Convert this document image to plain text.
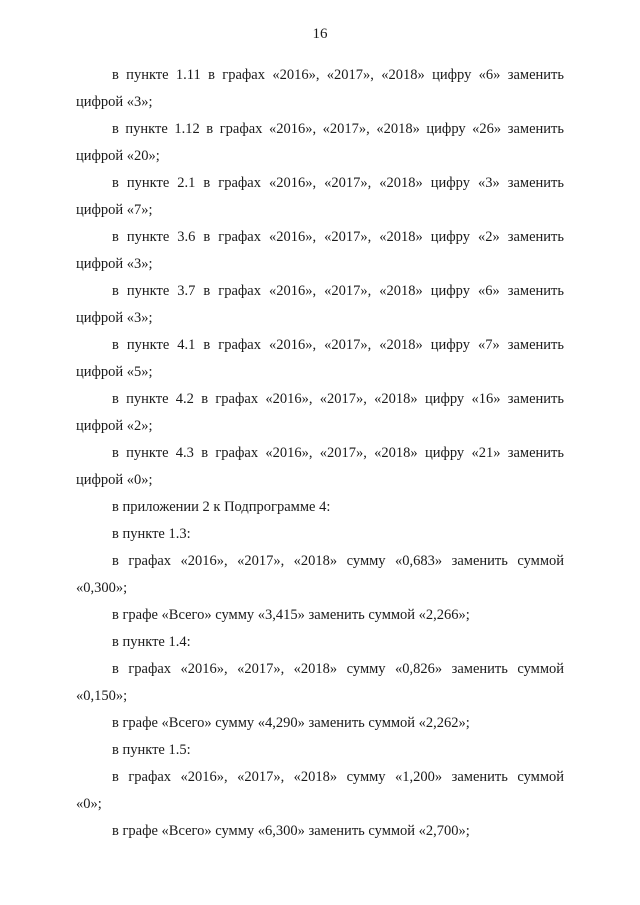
16
в пункте 1.11 в графах «2016», «2017», «2018» цифру «6» заменить
цифрой «3»;
в пункте 1.12 в графах «2016», «2017», «2018» цифру «26» заменить
цифрой «20»;
в пункте 2.1 в графах «2016», «2017», «2018» цифру «3» заменить
цифрой «7»;
в пункте 3.6 в графах «2016», «2017», «2018» цифру «2» заменить
цифрой «3»;
в пункте 3.7 в графах «2016», «2017», «2018» цифру «6» заменить
цифрой «3»;
в пункте 4.1 в графах «2016», «2017», «2018» цифру «7» заменить
цифрой «5»;
в пункте 4.2 в графах «2016», «2017», «2018» цифру «16» заменить
цифрой «2»;
в пункте 4.3 в графах «2016», «2017», «2018» цифру «21» заменить
цифрой «0»;
в приложении 2 к Подпрограмме 4:
в пункте 1.3:
в графах «2016», «2017», «2018» сумму «0,683» заменить суммой
«0,300»;
в графе «Всего» сумму «3,415» заменить суммой «2,266»;
в пункте 1.4:
в графах «2016», «2017», «2018» сумму «0,826» заменить суммой
«0,150»;
в графе «Всего» сумму «4,290» заменить суммой «2,262»;
в пункте 1.5:
в графах «2016», «2017», «2018» сумму «1,200» заменить суммой
«0»;
в графе «Всего» сумму «6,300» заменить суммой «2,700»;
